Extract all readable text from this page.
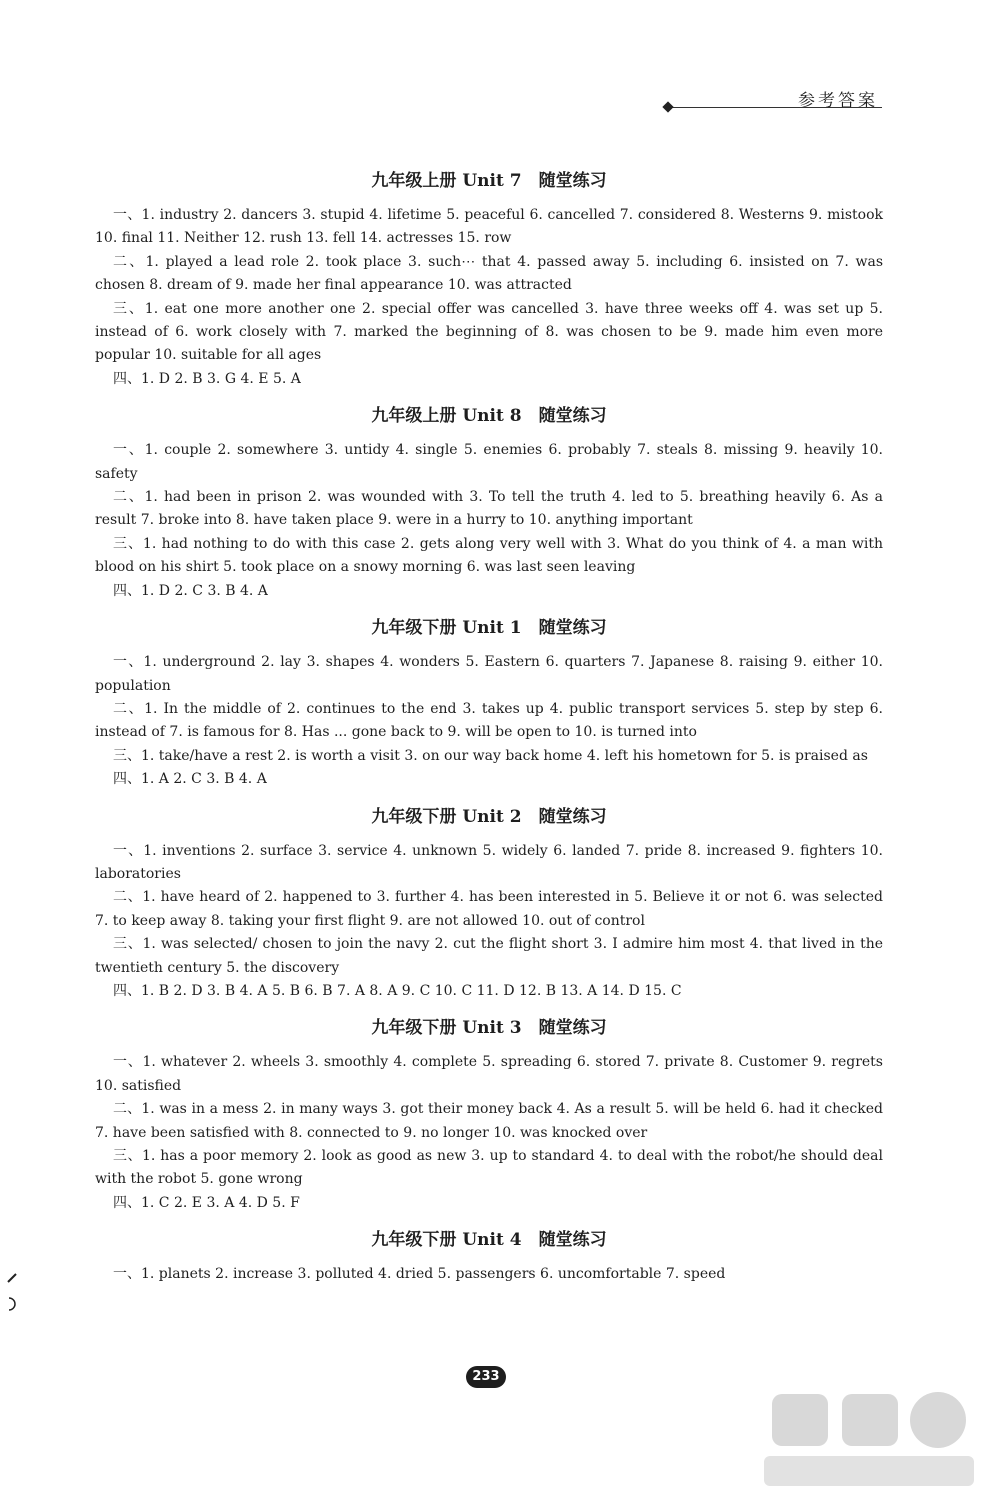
参考答案
九年级上册 Unit 7　随堂练习
一、1. industry 2. dancers 3. stupid 4. lifetime 5. peaceful 6. cancelled 7. considered 8. Westerns 9. mistook 10. final 11. Neither 12. rush 13. fell 14. actresses 15. row
二、1. played a lead role 2. took place 3. such⋯ that 4. passed away 5. including 6. insisted on 7. was chosen 8. dream of 9. made her final appearance 10. was attracted
三、1. eat one more another one 2. special offer was cancelled 3. have three weeks off 4. was set up 5. instead of 6. work closely with 7. marked the beginning of 8. was chosen to be 9. made him even more popular 10. suitable for all ages
四、1. D 2. B 3. G 4. E 5. A
九年级上册 Unit 8　随堂练习
一、1. couple 2. somewhere 3. untidy 4. single 5. enemies 6. probably 7. steals 8. missing 9. heavily 10. safety
二、1. had been in prison 2. was wounded with 3. To tell the truth 4. led to 5. breathing heavily 6. As a result 7. broke into 8. have taken place 9. were in a hurry to 10. anything important
三、1. had nothing to do with this case 2. gets along very well with 3. What do you think of 4. a man with blood on his shirt 5. took place on a snowy morning 6. was last seen leaving
四、1. D 2. C 3. B 4. A
九年级下册 Unit 1　随堂练习
一、1. underground 2. lay 3. shapes 4. wonders 5. Eastern 6. quarters 7. Japanese 8. raising 9. either 10. population
二、1. In the middle of 2. continues to the end 3. takes up 4. public transport services 5. step by step 6. instead of 7. is famous for 8. Has ... gone back to 9. will be open to 10. is turned into
三、1. take/have a rest 2. is worth a visit 3. on our way back home 4. left his hometown for 5. is praised as
四、1. A 2. C 3. B 4. A
九年级下册 Unit 2　随堂练习
一、1. inventions 2. surface 3. service 4. unknown 5. widely 6. landed 7. pride 8. increased 9. fighters 10. laboratories
二、1. have heard of 2. happened to 3. further 4. has been interested in 5. Believe it or not 6. was selected 7. to keep away 8. taking your first flight 9. are not allowed 10. out of control
三、1. was selected/ chosen to join the navy 2. cut the flight short 3. I admire him most 4. that lived in the twentieth century 5. the discovery
四、1. B 2. D 3. B 4. A 5. B 6. B 7. A 8. A 9. C 10. C 11. D 12. B 13. A 14. D 15. C
九年级下册 Unit 3　随堂练习
一、1. whatever 2. wheels 3. smoothly 4. complete 5. spreading 6. stored 7. private 8. Customer 9. regrets 10. satisfied
二、1. was in a mess 2. in many ways 3. got their money back 4. As a result 5. will be held 6. had it checked 7. have been satisfied with 8. connected to 9. no longer 10. was knocked over
三、1. has a poor memory 2. look as good as new 3. up to standard 4. to deal with the robot/he should deal with the robot 5. gone wrong
四、1. C 2. E 3. A 4. D 5. F
九年级下册 Unit 4　随堂练习
一、1. planets 2. increase 3. polluted 4. dried 5. passengers 6. uncomfortable 7. speed
233
